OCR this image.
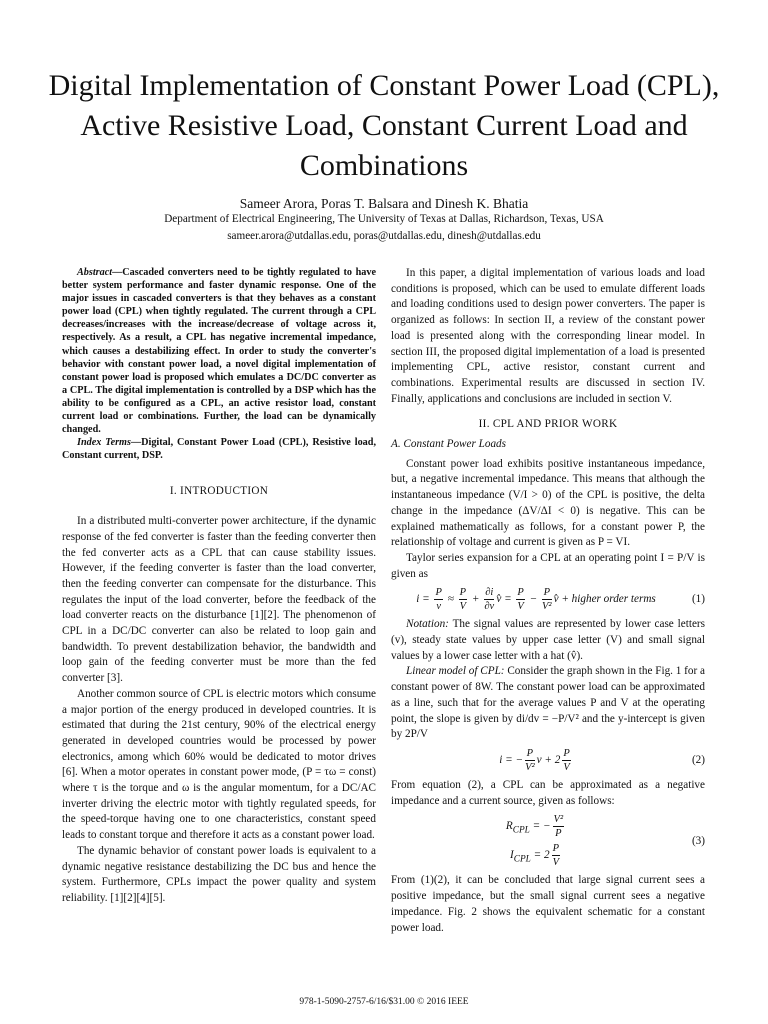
Digital Implementation of Constant Power Load (CPL), Active Resistive Load, Constant Current Load and Combinations

Sameer Arora, Poras T. Balsara and Dinesh K. Bhatia

Department of Electrical Engineering, The University of Texas at Dallas, Richardson, Texas, USA

sameer.arora@utdallas.edu, poras@utdallas.edu, dinesh@utdallas.edu

Abstract—Cascaded converters need to be tightly regulated to have better system performance and faster dynamic response. One of the major issues in cascaded converters is that they behaves as a constant power load (CPL) when tightly regulated. The current through a CPL decreases/increases with the increase/decrease of voltage across it, respectively. As a result, a CPL has negative incremental impedance, which causes a destabilizing effect. In order to study the converter's behavior with constant power load, a novel digital implementation of constant power load is proposed which emulates a DC/DC converter as a CPL. The digital implementation is controlled by a DSP which has the ability to be configured as a CPL, an active resistor load, constant current load or combinations. Further, the load can be dynamically changed.

Index Terms—Digital, Constant Power Load (CPL), Resistive load, Constant current, DSP.

I. INTRODUCTION

In a distributed multi-converter power architecture, if the dynamic response of the fed converter is faster than the feeding converter then the fed converter acts as a CPL that can cause stability issues. However, if the feeding converter is faster than the load converter, then the feeding converter can compensate for the disturbance. This regulates the input of the load converter, before the feedback of the load converter reacts on the disturbance [1][2]. The phenomenon of CPL in a DC/DC converter can also be related to loop gain and bandwidth. To prevent destabilization behavior, the bandwidth and loop gain of the feeding converter must be more than the fed converter [3].

Another common source of CPL is electric motors which consume a major portion of the energy produced in developed countries. It is estimated that during the 21st century, 90% of the electrical energy generated in developed countries would be processed by power electronics, among which 60% would be dedicated to motor drives [6]. When a motor operates in constant power mode, (P = τω = const) where τ is the torque and ω is the angular momentum, for a DC/AC inverter driving the electric motor with tightly regulated speeds, for the speed-torque having one to one characteristics, constant speed leads to constant torque and therefore it acts as a constant power load.

The dynamic behavior of constant power loads is equivalent to a dynamic negative resistance destabilizing the DC bus and hence the system. Furthermore, CPLs impact the power quality and system reliability. [1][2][4][5].

In this paper, a digital implementation of various loads and load conditions is proposed, which can be used to emulate different loads and loading conditions used to design power converters. The paper is organized as follows: In section II, a review of the constant power load is presented along with the corresponding linear model. In section III, the proposed digital implementation of a load is presented implementing CPL, active resistor, constant current and combinations. Experimental results are discussed in section IV. Finally, applications and conclusions are included in section V.

II. CPL AND PRIOR WORK
A. Constant Power Loads

Constant power load exhibits positive instantaneous impedance, but, a negative incremental impedance. This means that although the instantaneous impedance (V/I > 0) of the CPL is positive, the delta change in the impedance (ΔV/ΔI < 0) is negative. This can be explained mathematically as follows, for a constant power P, the relationship of voltage and current is given as P = VI.

Taylor series expansion for a CPL at an operating point I = P/V is given as

$i = \frac{P}{v} \approx \frac{P}{V} + \frac{\partial i}{\partial v}$ v̂ = $\frac{P}{V} - \frac{P}{\text{V²}}$ v̂ + higher order terms	(1)

Notation: The signal values are represented by lower case letters (v), steady state values by upper case letter (V) and small signal values by a lower case letter with a hat (v̂).

Linear model of CPL: Consider the graph shown in the Fig. 1 for a constant power of 8W. The constant power load can be approximated as a line, such that for the average values P and V at the operating point, the slope is given by di/dv = −P/V² and the y-intercept is given by 2P/V

i = − $\frac{P}{\text{V²}}$ $v + 2 \frac{P}{V}$	(2)

From equation (2), a CPL can be approximated as a negative impedance and a current source, given as follows:

$R_{CPL}$ = − $\frac{\text{V²}}{P}$
$I_{CPL} = 2 \frac{P}{V}$
(3)

From (1)(2), it can be concluded that large signal current sees a positive impedance, but the small signal current sees a negative impedance. Fig. 2 shows the equivalent schematic for a constant power load.

978-1-5090-2757-6/16/$31.00 © 2016 IEEE
